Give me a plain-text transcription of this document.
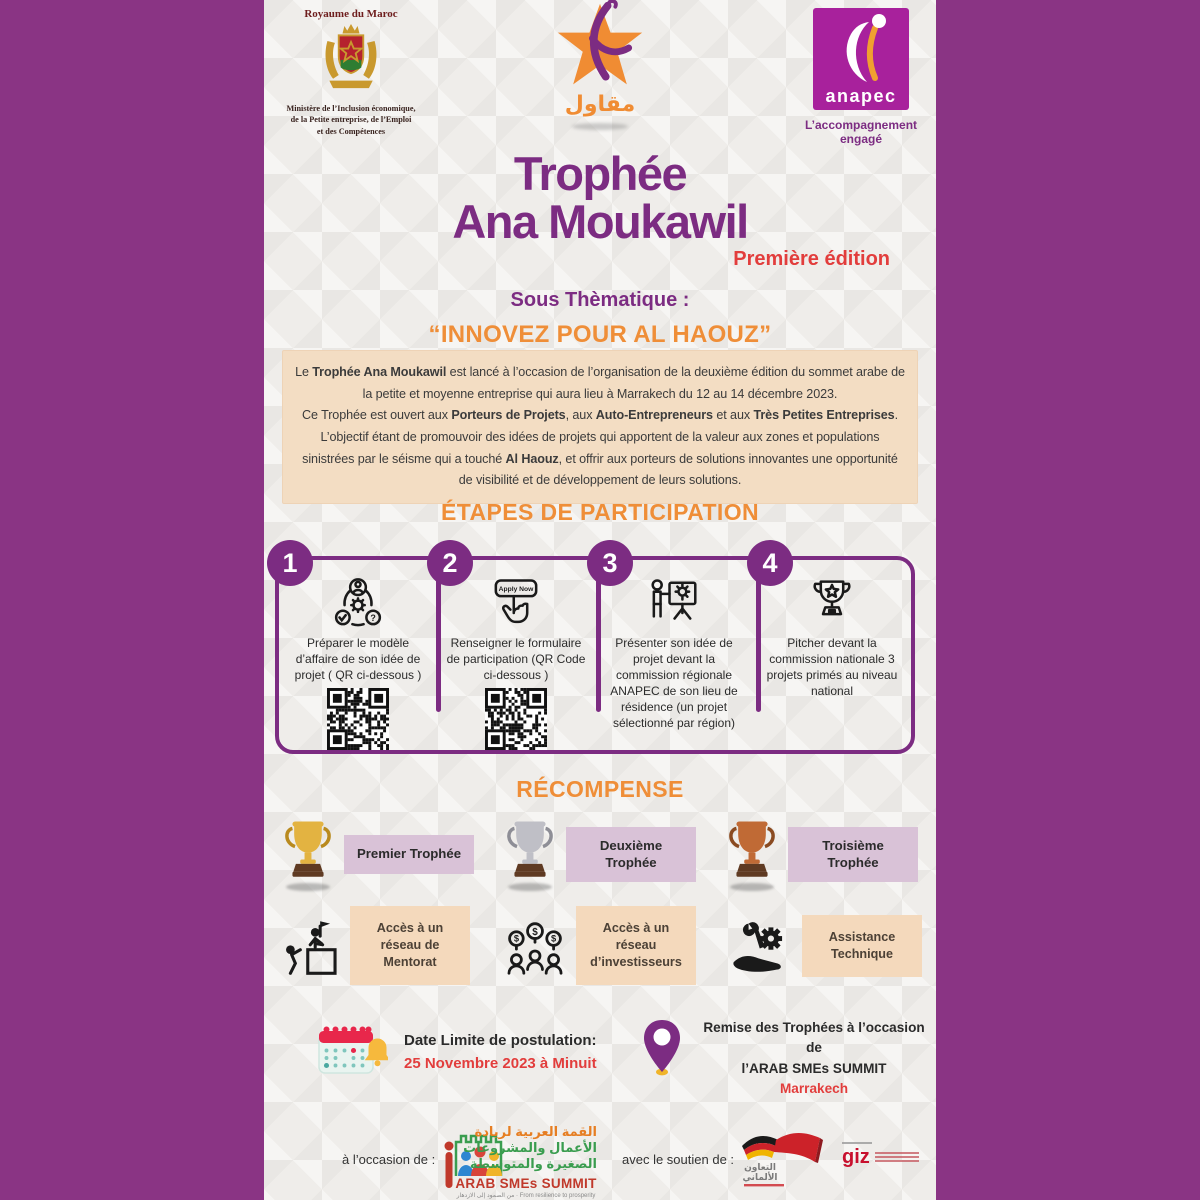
Royaume du Maroc
Ministère de l’Inclusion économique,
de la Petite entreprise, de l’Emploi
et des Compétences
مقاول	anapec
L’accompagnement
engagé
Trophée
Ana Moukawil
Première édition
Sous Thèmatique :
“INNOVEZ POUR AL HAOUZ”
Le Trophée Ana Moukawil est lancé à l’occasion de l’organisation de la deuxième édition du sommet arabe de la petite et moyenne entreprise qui aura lieu à Marrakech du 12 au 14 décembre 2023.
Ce Trophée est ouvert aux Porteurs de Projets, aux Auto-Entrepreneurs et aux Très Petites Entreprises.
L’objectif étant de promouvoir des idées de projets qui apportent de la valeur aux zones et populations sinistrées par le séisme qui a touché Al Haouz, et offrir aux porteurs de solutions innovantes une opportunité de visibilité et de développement de leurs solutions.
ÉTAPES DE PARTICIPATION
1	2	3	4
?
Préparer le modèle d’affaire de son idée de projet ( QR ci-dessous )
Apply Now
Renseigner le formulaire de participation (QR Code ci-dessous )
Présenter son idée de projet devant la commission régionale ANAPEC de son lieu de résidence (un projet sélectionné par région)
Pitcher devant la commission nationale 3 projets primés au niveau national
RÉCOMPENSE
Premier Trophée
Deuxième Trophée
Troisième Trophée
Accès à un réseau de Mentorat
$
$
$
Accès à un réseau d’investisseurs
Assistance Technique
Date Limite de postulation:
25 Novembre 2023 à Minuit
Remise des Trophées à l’occasion de
l’ARAB SMEs SUMMIT
Marrakech
à l’occasion de :
القمة العربية لريادة
الأعمال والمشروعات
الصغيرة والمتوسطة
ARAB SMEs SUMMIT
من الصمود إلى الازدهار · From resilience to prosperity
avec le soutien de : التعاون
الألماني
giz
